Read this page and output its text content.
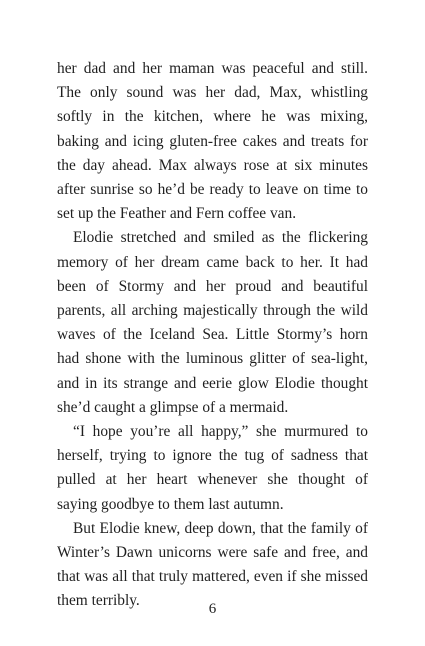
her dad and her maman was peaceful and still. The only sound was her dad, Max, whistling softly in the kitchen, where he was mixing, baking and icing gluten-free cakes and treats for the day ahead. Max always rose at six minutes after sunrise so he’d be ready to leave on time to set up the Feather and Fern coffee van.

Elodie stretched and smiled as the flickering memory of her dream came back to her. It had been of Stormy and her proud and beautiful parents, all arching majestically through the wild waves of the Iceland Sea. Little Stormy’s horn had shone with the luminous glitter of sea-light, and in its strange and eerie glow Elodie thought she’d caught a glimpse of a mermaid.

“I hope you’re all happy,” she murmured to herself, trying to ignore the tug of sadness that pulled at her heart whenever she thought of saying goodbye to them last autumn.

But Elodie knew, deep down, that the family of Winter’s Dawn unicorns were safe and free, and that was all that truly mattered, even if she missed them terribly.	6
